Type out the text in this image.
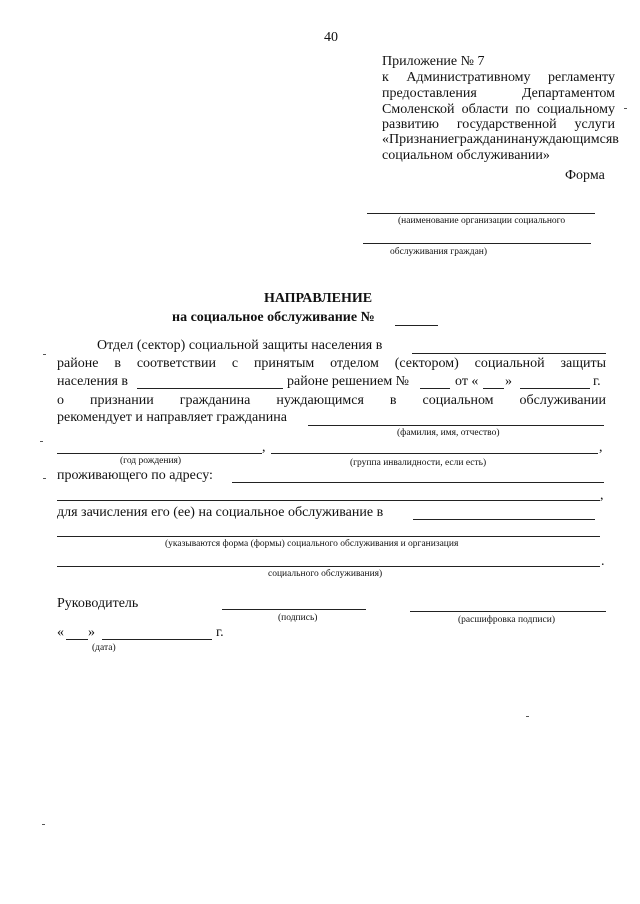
40
Приложение № 7
к Административному регламенту
предоставления	Департаментом
Смоленской области по социальному
развитию государственной услуги
«Признание гражданина нуждающимся в
социальном обслуживании»
Форма
(наименование организации социального
обслуживания граждан)
НАПРАВЛЕНИЕ
на социальное обслуживание №
Отдел (сектор) социальной защиты населения в
районе в соответствии с принятым отделом (сектором) социальной защиты
населения в	районе решением №	от « »	г.
о признании гражданина нуждающимся в социальном обслуживании
рекомендует и направляет гражданина
(фамилия, имя, отчество)
,	,
(год рождения)	(группа инвалидности, если есть)
проживающего по адресу:
,
для зачисления его (ее) на социальное обслуживание в
(указываются форма (формы) социального обслуживания и организация
.
социального обслуживания)
Руководитель
(подпись)	(расшифровка подписи)
« »	г.
(дата)
